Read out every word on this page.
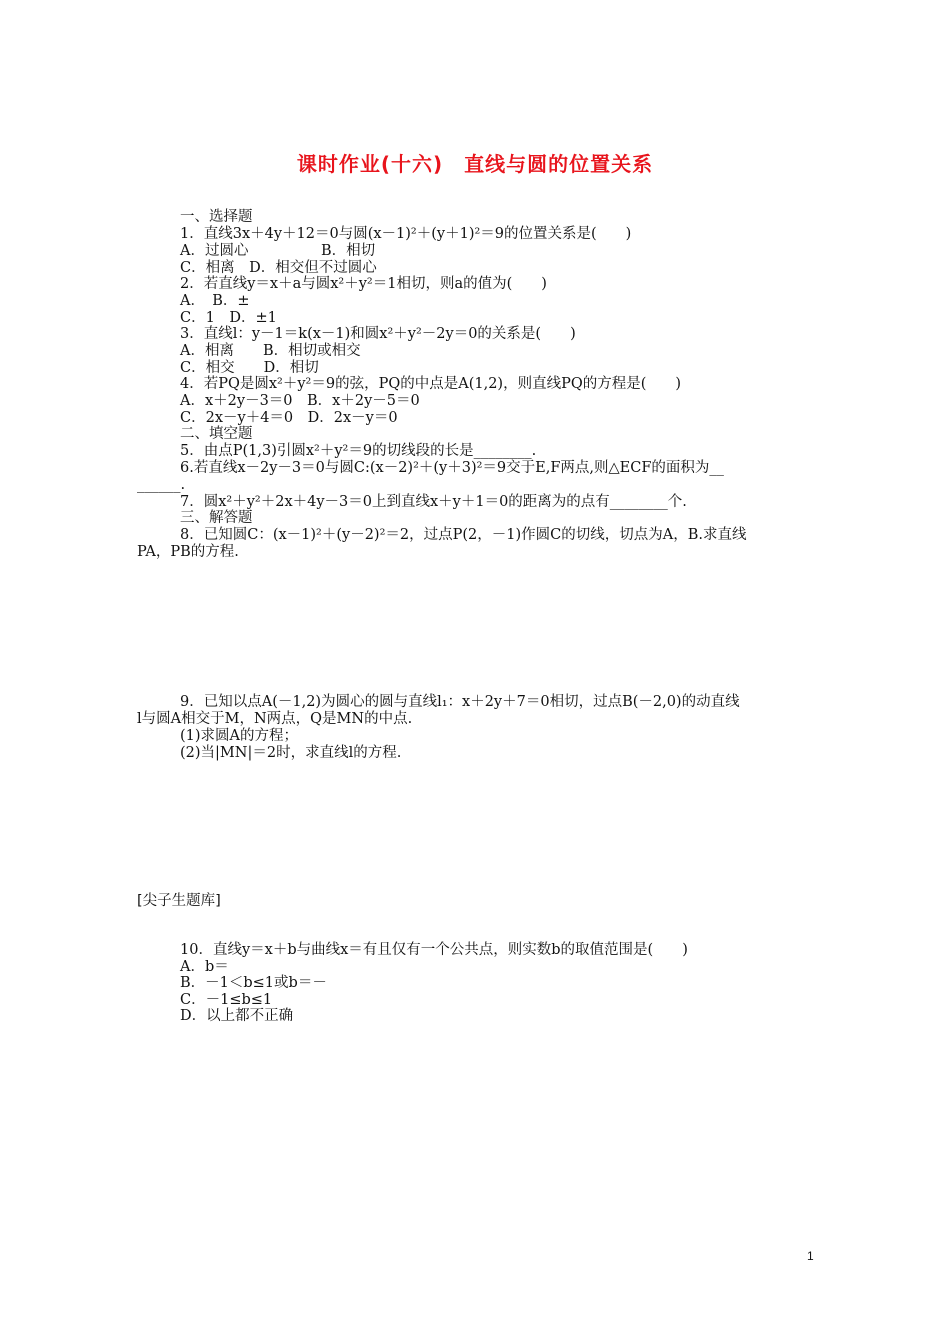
课时作业(十六)　直线与圆的位置关系
一、选择题
1．直线3x＋4y＋12＝0与圆(x－1)²＋(y＋1)²＝9的位置关系是(　　)
A．过圆心　　　　　B．相切
C．相离　D．相交但不过圆心
2．若直线y＝x＋a与圆x²＋y²＝1相切，则a的值为(　　)
A．　B．±
C．1　D．±1
3．直线l：y－1＝k(x－1)和圆x²＋y²－2y＝0的关系是(　　)
A．相离　　B．相切或相交
C．相交　　D．相切
4．若PQ是圆x²＋y²＝9的弦，PQ的中点是A(1,2)，则直线PQ的方程是(　　)
A．x＋2y－3＝0　B．x＋2y－5＝0
C．2x－y＋4＝0　D．2x－y＝0
二、填空题
5．由点P(1,3)引圆x²＋y²＝9的切线段的长是________.
6.若直线x－2y－3＝0与圆C:(x－2)²＋(y＋3)²＝9交于E,F两点,则△ECF的面积为__
______.
7．圆x²＋y²＋2x＋4y－3＝0上到直线x＋y＋1＝0的距离为的点有________个.
三、解答题
8．已知圆C：(x－1)²＋(y－2)²＝2，过点P(2，－1)作圆C的切线，切点为A，B.求直线
PA，PB的方程.
9．已知以点A(－1,2)为圆心的圆与直线l₁：x＋2y＋7＝0相切，过点B(－2,0)的动直线
l与圆A相交于M，N两点，Q是MN的中点.
(1)求圆A的方程；
(2)当|MN|＝2时，求直线l的方程.
[尖子生题库]
10．直线y＝x＋b与曲线x＝有且仅有一个公共点，则实数b的取值范围是(　　)
A．b＝
B．－1＜b≤1或b＝－
C．－1≤b≤1
D．以上都不正确
1
